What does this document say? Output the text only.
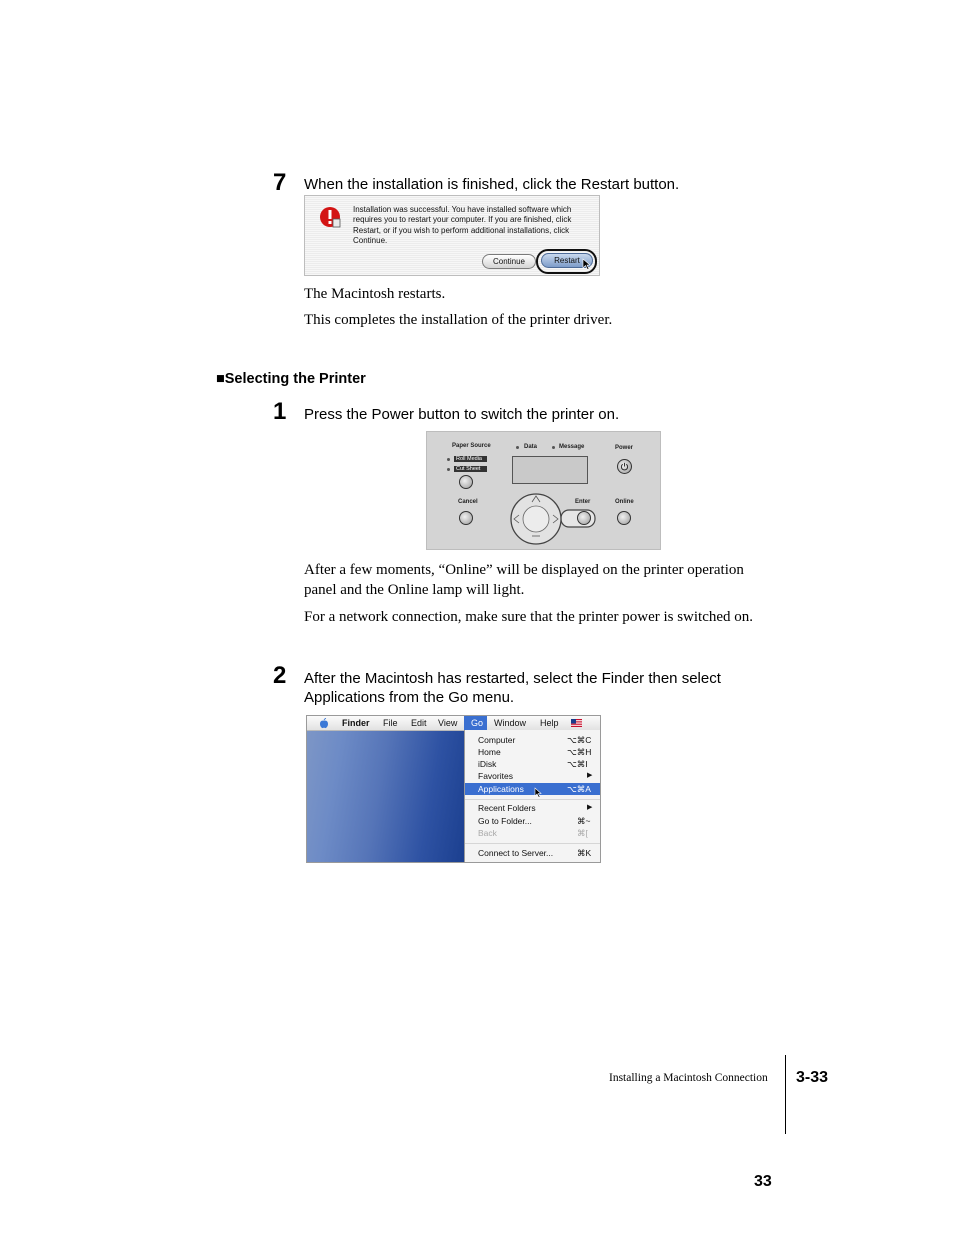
7 When the installation is finished, click the Restart button.
Installation was successful. You have installed software which requires you to restart your computer. If you are finished, click Restart, or if you wish to perform additional installations, click Continue.
Continue	Restart
The Macintosh restarts.
This completes the installation of the printer driver.
■Selecting the Printer
1 Press the Power button to switch the printer on.
Paper Source
Roll Media
Cut Sheet
Data	Message	Power
Cancel	Enter	Online
After a few moments, “Online” will be displayed on the printer operation panel and the Online lamp will light.
For a network connection, make sure that the printer power is switched on.
2 After the Macintosh has restarted, select the Finder then select Applications from the Go menu.
Finder File Edit View Go Window Help
Computer	⌥⌘C
Home	⌥⌘H
iDisk	⌥⌘I
Favorites	▶
Applications	⌥⌘A
Recent Folders	▶
Go to Folder...	⌘~
Back	⌘[
Connect to Server...	⌘K
Installing a Macintosh Connection 3-33
33
